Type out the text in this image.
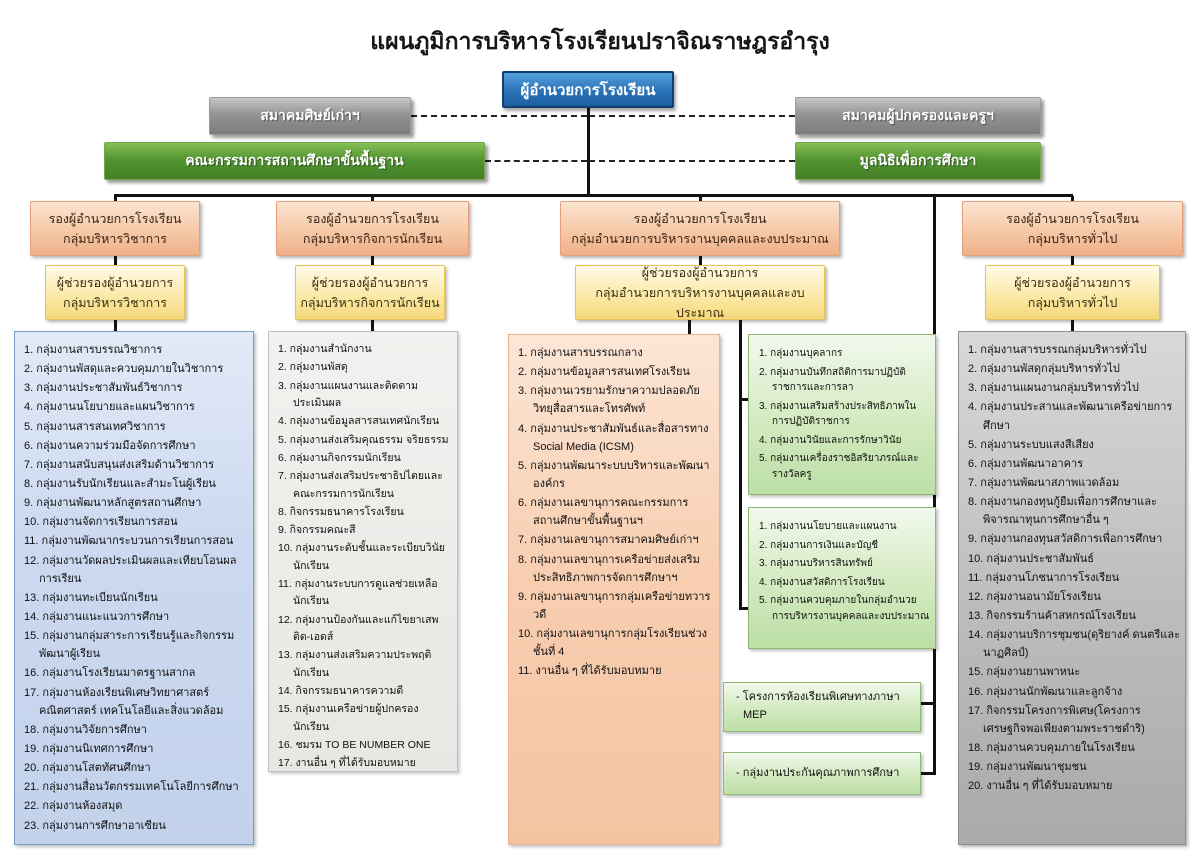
แผนภูมิการบริหารโรงเรียนปราจิณราษฎรอำรุง
ผู้อำนวยการโรงเรียน
สมาคมศิษย์เก่าฯ	สมาคมผู้ปกครองและครูฯ
คณะกรรมการสถานศึกษาขั้นพื้นฐาน	มูลนิธิเพื่อการศึกษา
รองผู้อำนวยการโรงเรียน
กลุ่มบริหารวิชาการ
รองผู้อำนวยการโรงเรียน
กลุ่มบริหารกิจการนักเรียน
รองผู้อำนวยการโรงเรียน
กลุ่มอำนวยการบริหารงานบุคคลและงบประมาณ
รองผู้อำนวยการโรงเรียน
กลุ่มบริหารทั่วไป
ผู้ช่วยรองผู้อำนวยการ
กลุ่มบริหารวิชาการ
ผู้ช่วยรองผู้อำนวยการ
กลุ่มบริหารกิจการนักเรียน
ผู้ช่วยรองผู้อำนวยการ
กลุ่มอำนวยการบริหารงานบุคคลและงบประมาณ
ผู้ช่วยรองผู้อำนวยการ
กลุ่มบริหารทั่วไป
1. กลุ่มงานสารบรรณวิชาการ
2. กลุ่มงานพัสดุและควบคุมภายในวิชาการ
3. กลุ่มงานประชาสัมพันธ์วิชาการ
4. กลุ่มงานนโยบายและแผนวิชาการ
5. กลุ่มงานสารสนเทศวิชาการ
6. กลุ่มงานความร่วมมือจัดการศึกษา
7. กลุ่มงานสนับสนุนส่งเสริมด้านวิชาการ
8. กลุ่มงานรับนักเรียนและสำมะโนผู้เรียน
9. กลุ่มงานพัฒนาหลักสูตรสถานศึกษา
10. กลุ่มงานจัดการเรียนการสอน
11. กลุ่มงานพัฒนากระบวนการเรียนการสอน
12. กลุ่มงานวัดผลประเมินผลและเทียบโอนผลการเรียน
13. กลุ่มงานทะเบียนนักเรียน
14. กลุ่มงานแนะแนวการศึกษา
15. กลุ่มงานกลุ่มสาระการเรียนรู้และกิจกรรมพัฒนาผู้เรียน
16. กลุ่มงานโรงเรียนมาตรฐานสากล
17. กลุ่มงานห้องเรียนพิเศษวิทยาศาสตร์ คณิตศาสตร์ เทคโนโลยีและสิ่งแวดล้อม
18. กลุ่มงานวิจัยการศึกษา
19. กลุ่มงานนิเทศการศึกษา
20. กลุ่มงานโสตทัศนศึกษา
21. กลุ่มงานสื่อนวัตกรรมเทคโนโลยีการศึกษา
22. กลุ่มงานห้องสมุด
23. กลุ่มงานการศึกษาอาเซียน
1. กลุ่มงานสำนักงาน
2. กลุ่มงานพัสดุ
3. กลุ่มงานแผนงานและติดตามประเมินผล
4. กลุ่มงานข้อมูลสารสนเทศนักเรียน
5. กลุ่มงานส่งเสริมคุณธรรม จริยธรรม
6. กลุ่มงานกิจกรรมนักเรียน
7. กลุ่มงานส่งเสริมประชาธิปไตยและคณะกรรมการนักเรียน
8. กิจกรรมธนาคารโรงเรียน
9. กิจกรรมคณะสี
10. กลุ่มงานระดับชั้นและระเบียบวินัยนักเรียน
11. กลุ่มงานระบบการดูแลช่วยเหลือนักเรียน
12. กลุ่มงานป้องกันและแก้ไขยาเสพติด-เอดส์
13. กลุ่มงานส่งเสริมความประพฤตินักเรียน
14. กิจกรรมธนาคารความดี
15. กลุ่มงานเครือข่ายผู้ปกครองนักเรียน
16. ชมรม TO BE NUMBER ONE
17. งานอื่น ๆ ที่ได้รับมอบหมาย
1. กลุ่มงานสารบรรณกลาง
2. กลุ่มงานข้อมูลสารสนเทศโรงเรียน
3. กลุ่มงานเวรยามรักษาความปลอดภัย วิทยุสื่อสารและโทรศัพท์
4. กลุ่มงานประชาสัมพันธ์และสื่อสารทาง Social Media (ICSM)
5. กลุ่มงานพัฒนาระบบบริหารและพัฒนาองค์กร
6. กลุ่มงานเลขานุการคณะกรรมการสถานศึกษาขั้นพื้นฐานฯ
7. กลุ่มงานเลขานุการสมาคมศิษย์เก่าฯ
8. กลุ่มงานเลขานุการเครือข่ายส่งเสริมประสิทธิภาพการจัดการศึกษาฯ
9. กลุ่มงานเลขานุการกลุ่มเครือข่ายทวารวดี
10. กลุ่มงานเลขานุการกลุ่มโรงเรียนช่วงชั้นที่ 4
11. งานอื่น ๆ ที่ได้รับมอบหมาย
1. กลุ่มงานสารบรรณกลุ่มบริหารทั่วไป
2. กลุ่มงานพัสดุกลุ่มบริหารทั่วไป
3. กลุ่มงานแผนงานกลุ่มบริหารทั่วไป
4. กลุ่มงานประสานและพัฒนาเครือข่ายการศึกษา
5. กลุ่มงานระบบแสงสีเสียง
6. กลุ่มงานพัฒนาอาคาร
7. กลุ่มงานพัฒนาสภาพแวดล้อม
8. กลุ่มงานกองทุนกู้ยืมเพื่อการศึกษาและพิจารณาทุนการศึกษาอื่น ๆ
9. กลุ่มงานกองทุนสวัสดิการเพื่อการศึกษา
10. กลุ่มงานประชาสัมพันธ์
11. กลุ่มงานโภชนาการโรงเรียน
12. กลุ่มงานอนามัยโรงเรียน
13. กิจกรรมร้านค้าสหกรณ์โรงเรียน
14. กลุ่มงานบริการชุมชน(ดุริยางค์ ดนตรีและนาฏศิลป์)
15. กลุ่มงานยานพาหนะ
16. กลุ่มงานนักพัฒนาและลูกจ้าง
17. กิจกรรมโครงการพิเศษ(โครงการเศรษฐกิจพอเพียงตามพระราชดำริ)
18. กลุ่มงานควบคุมภายในโรงเรียน
19. กลุ่มงานพัฒนาชุมชน
20. งานอื่น ๆ ที่ได้รับมอบหมาย
1. กลุ่มงานบุคลากร
2. กลุ่มงานบันทึกสถิติการมาปฏิบัติราชการและการลา
3. กลุ่มงานเสริมสร้างประสิทธิภาพในการปฏิบัติราชการ
4. กลุ่มงานวินัยและการรักษาวินัย
5. กลุ่มงานเครื่องราชอิสริยาภรณ์และรางวัลครู
1. กลุ่มงานนโยบายและแผนงาน
2. กลุ่มงานการเงินและบัญชี
3. กลุ่มงานบริหารสินทรัพย์
4. กลุ่มงานสวัสดิการโรงเรียน
5. กลุ่มงานควบคุมภายในกลุ่มอำนวยการบริหารงานบุคคลและงบประมาณ
- โครงการห้องเรียนพิเศษทางภาษา
MEP
- กลุ่มงานประกันคุณภาพการศึกษา
